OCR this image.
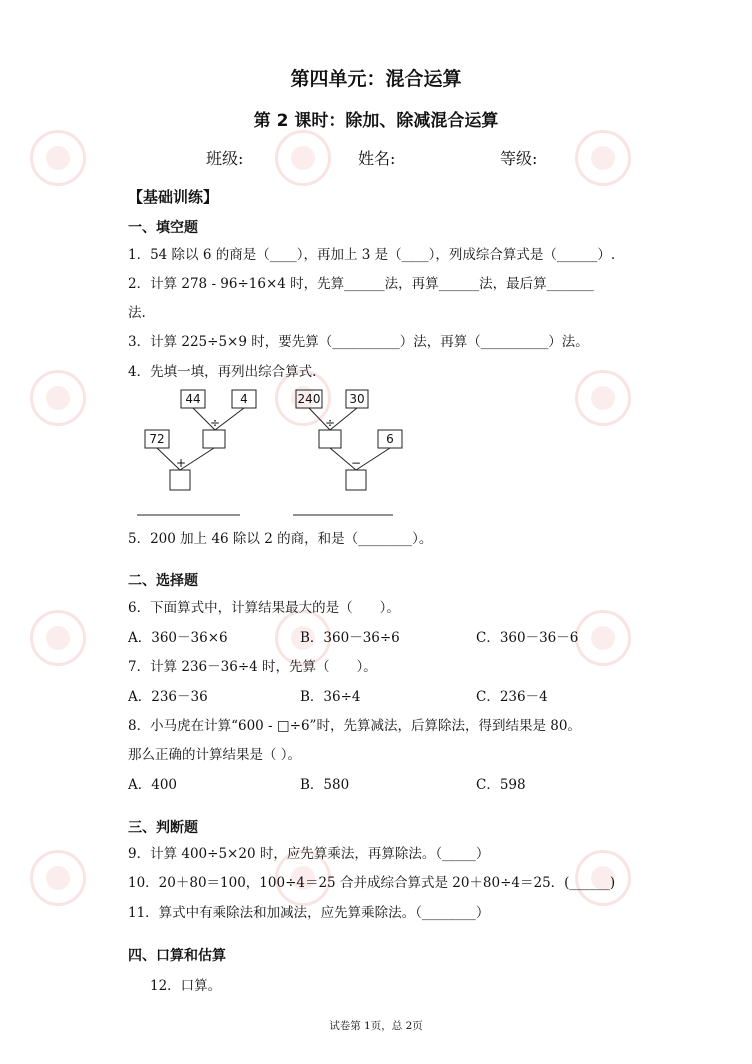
第四单元：混合运算
第 2 课时：除加、除减混合运算
班级:	姓名:	等级:
【基础训练】
一、填空题
1．54 除以 6 的商是（____），再加上 3 是（____），列成综合算式是（______）.
2．计算 278 - 96÷16×4 时，先算______法，再算______法，最后算_______
法.
3．计算 225÷5×9 时，要先算（__________）法，再算（__________）法。
4．先填一填，再列出综合算式.
44	4
÷
72
+
240 30
÷
6
−
5．200 加上 46 除以 2 的商，和是（________）。
二、选择题
6．下面算式中，计算结果最大的是（　　）。
A．360－36×6	B．360－36÷6	C．360－36－6
7．计算 236－36÷4 时，先算（　　）。
A．236－36	B．36÷4	C．236－4
8．小马虎在计算“600 - □÷6”时，先算减法，后算除法，得到结果是 80。
那么正确的计算结果是（ ）。
A．400	B．580	C．598
三、判断题
9．计算 400÷5×20 时，应先算乘法，再算除法。（_____）
10．20＋80＝100，100÷4＝25 合并成综合算式是 20＋80÷4＝25．(______)
11．算式中有乘除法和加减法，应先算乘除法。（________）
四、口算和估算
12．口算。
试卷第 1页，总 2页
